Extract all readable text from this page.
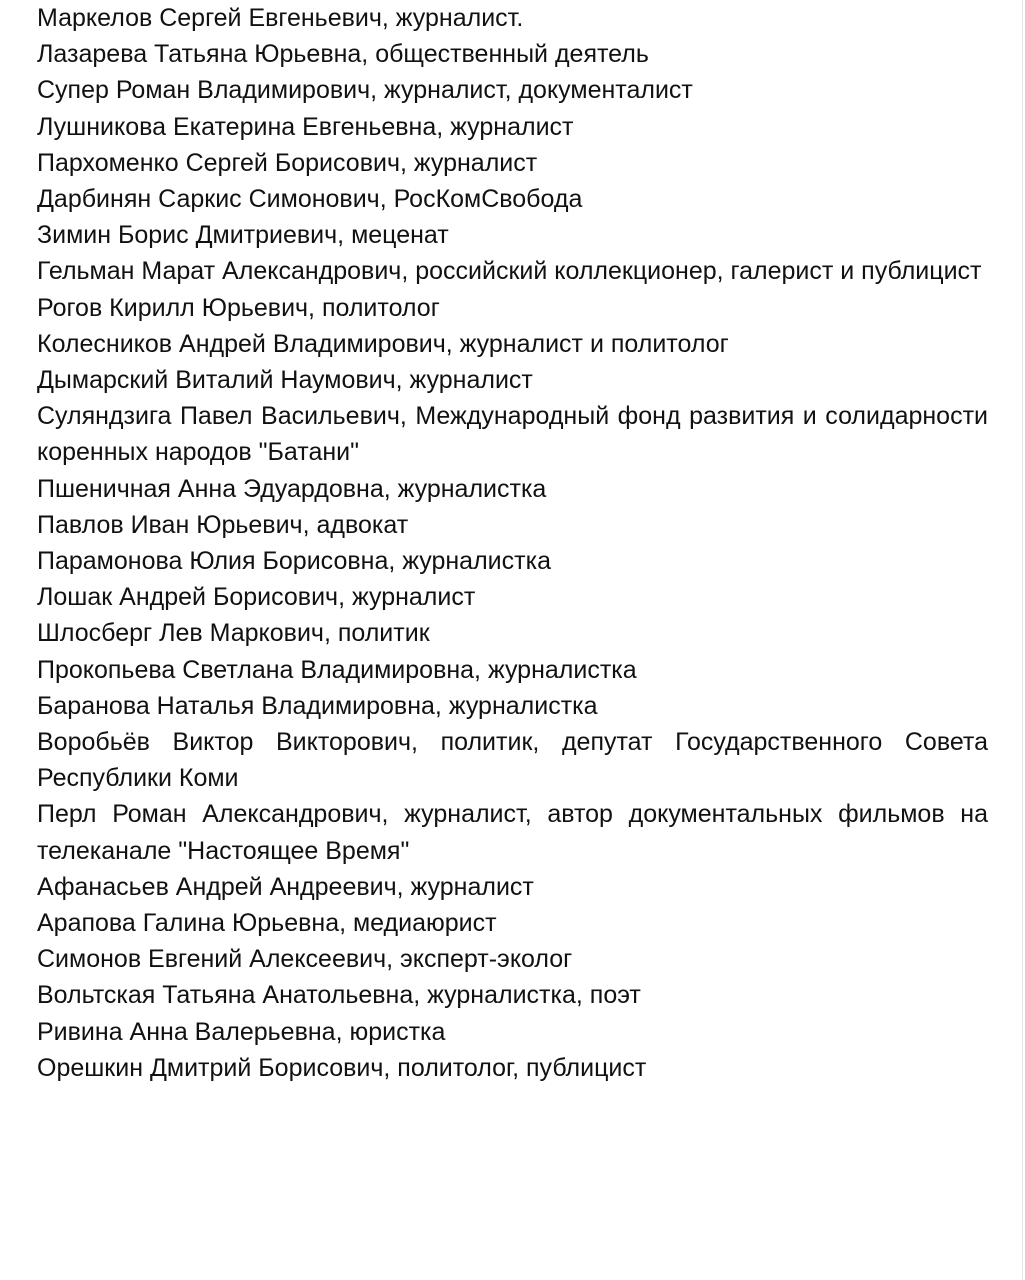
Маркелов Сергей Евгеньевич, журналист.

Лазарева Татьяна Юрьевна, общественный деятель

Супер Роман Владимирович, журналист, документалист

Лушникова Екатерина Евгеньевна, журналист

Пархоменко Сергей Борисович, журналист

Дарбинян Саркис Симонович, РосКомСвобода

Зимин Борис Дмитриевич, меценат

Гельман Марат Александрович, российский коллекционер, галерист и публицист

Рогов Кирилл Юрьевич, политолог

Колесников Андрей Владимирович, журналист и политолог

Дымарский Виталий Наумович, журналист

Суляндзига Павел Васильевич, Международный фонд развития и солидарности коренных народов "Батани"

Пшеничная Анна Эдуардовна, журналистка

Павлов Иван Юрьевич, адвокат

Парамонова Юлия Борисовна, журналистка

Лошак Андрей Борисович, журналист

Шлосберг Лев Маркович, политик

Прокопьева Светлана Владимировна, журналистка

Баранова Наталья Владимировна, журналистка

Воробьёв Виктор Викторович, политик, депутат Государственного Совета Республики Коми

Перл Роман Александрович, журналист, автор документальных фильмов на телеканале "Настоящее Время"

Афанасьев Андрей Андреевич, журналист

Арапова Галина Юрьевна, медиаюрист

Симонов Евгений Алексеевич, эксперт-эколог

Вольтская Татьяна Анатольевна, журналистка, поэт

Ривина Анна Валерьевна, юристка

Орешкин Дмитрий Борисович, политолог, публицист
